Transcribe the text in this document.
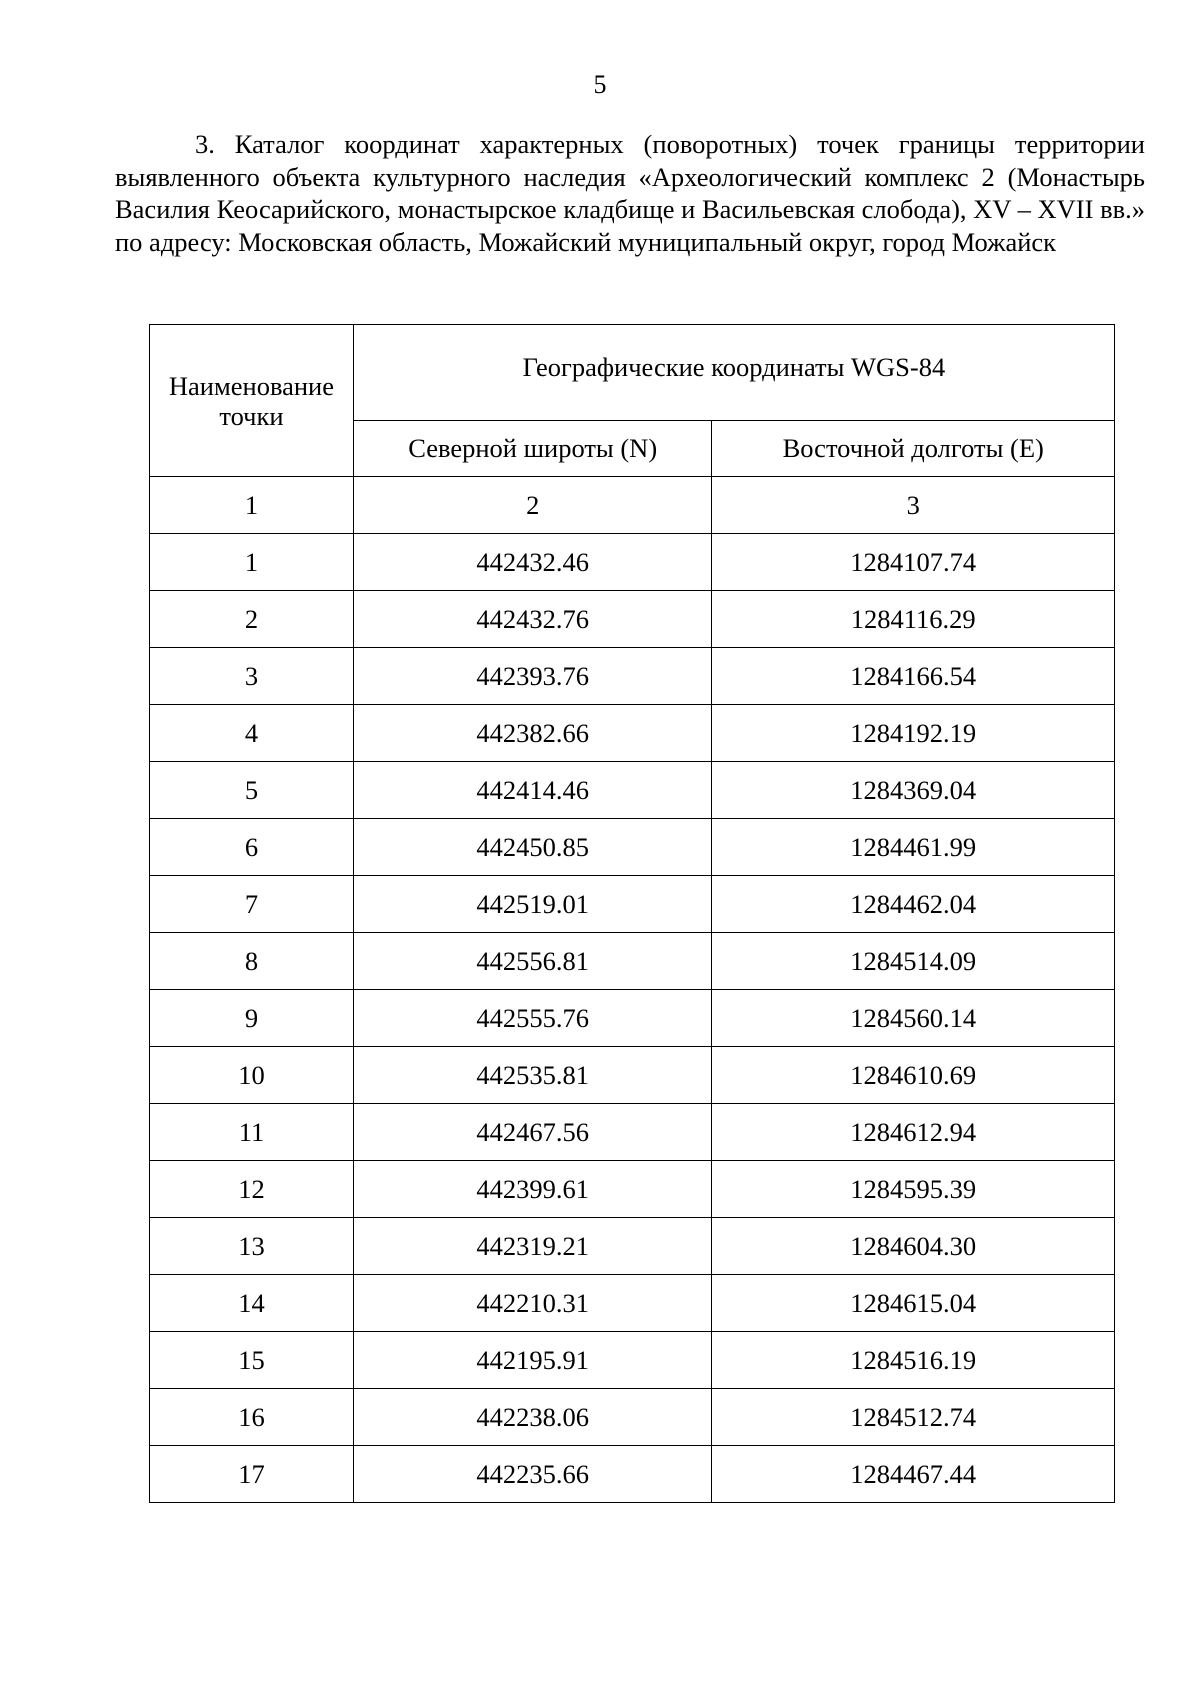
5

3. Каталог координат характерных (поворотных) точек границы территории выявленного объекта культурного наследия «Археологический комплекс 2 (Монастырь Василия Кеосарийского, монастырское кладбище и Васильевская слобода), XV – XVII вв.» по адресу: Московская область, Можайский муниципальный округ, город Можайск

Наименование точки	Географические координаты WGS-84	
	Северной широты (N)	Восточной долготы (E)
1	2	3
1	442432.46	1284107.74
2	442432.76	1284116.29
3	442393.76	1284166.54
4	442382.66	1284192.19
5	442414.46	1284369.04
6	442450.85	1284461.99
7	442519.01	1284462.04
8	442556.81	1284514.09
9	442555.76	1284560.14
10	442535.81	1284610.69
11	442467.56	1284612.94
12	442399.61	1284595.39
13	442319.21	1284604.30
14	442210.31	1284615.04
15	442195.91	1284516.19
16	442238.06	1284512.74
17	442235.66	1284467.44
